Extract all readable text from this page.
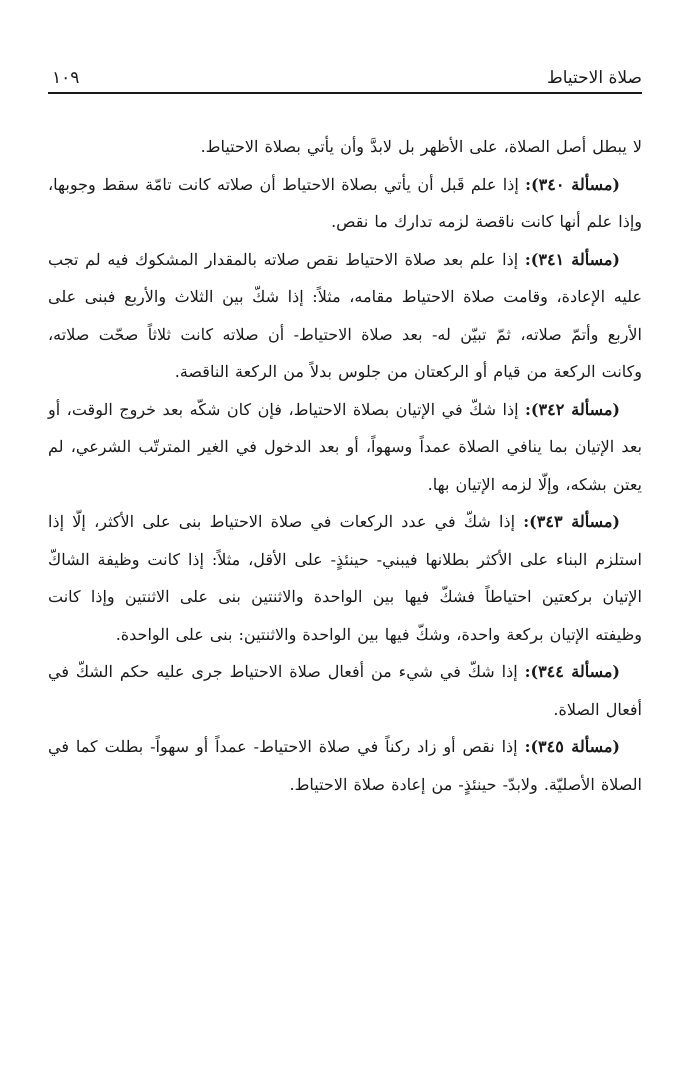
صلاة الاحتياط
١٠٩

لا يبطل أصل الصلاة، على الأظهر بل لابدَّ وأن يأتي بصلاة الاحتياط.

(مسألة ٣٤٠): إذا علم قَبل أن يأتي بصلاة الاحتياط أن صلاته كانت تامّة سقط وجوبها، وإذا علم أنها كانت ناقصة لزمه تدارك ما نقص.

(مسألة ٣٤١): إذا علم بعد صلاة الاحتياط نقص صلاته بالمقدار المشكوك فيه لم تجب عليه الإعادة، وقامت صلاة الاحتياط مقامه، مثلاً: إذا شكّ بين الثلاث والأربع فبنى على الأربع وأتمّ صلاته، ثمّ تبيّن له- بعد صلاة الاحتياط- أن صلاته كانت ثلاثاً صحّت صلاته، وكانت الركعة من قيام أو الركعتان من جلوس بدلاً من الركعة الناقصة.

(مسألة ٣٤٢): إذا شكّ في الإتيان بصلاة الاحتياط، فإن كان شكّه بعد خروج الوقت، أو بعد الإتيان بما ينافي الصلاة عمداً وسهواً، أو بعد الدخول في الغير المترتّب الشرعي، لم يعتن بشكه، وإلّا لزمه الإتيان بها.

(مسألة ٣٤٣): إذا شكّ في عدد الركعات في صلاة الاحتياط بنى على الأكثر، إلّا إذا استلزم البناء على الأكثر بطلانها فيبني- حينئذٍ- على الأقل، مثلاً: إذا كانت وظيفة الشاكّ الإتيان بركعتين احتياطاً فشكّ فيها بين الواحدة والاثنتين بنى على الاثنتين وإذا كانت وظيفته الإتيان بركعة واحدة، وشكّ فيها بين الواحدة والاثنتين: بنى على الواحدة.

(مسألة ٣٤٤): إذا شكّ في شيء من أفعال صلاة الاحتياط جرى عليه حكم الشكّ في أفعال الصلاة.

(مسألة ٣٤٥): إذا نقص أو زاد ركناً في صلاة الاحتياط- عمداً أو سهواً- بطلت كما في الصلاة الأصليّة. ولابدّ- حينئذٍ- من إعادة صلاة الاحتياط.
